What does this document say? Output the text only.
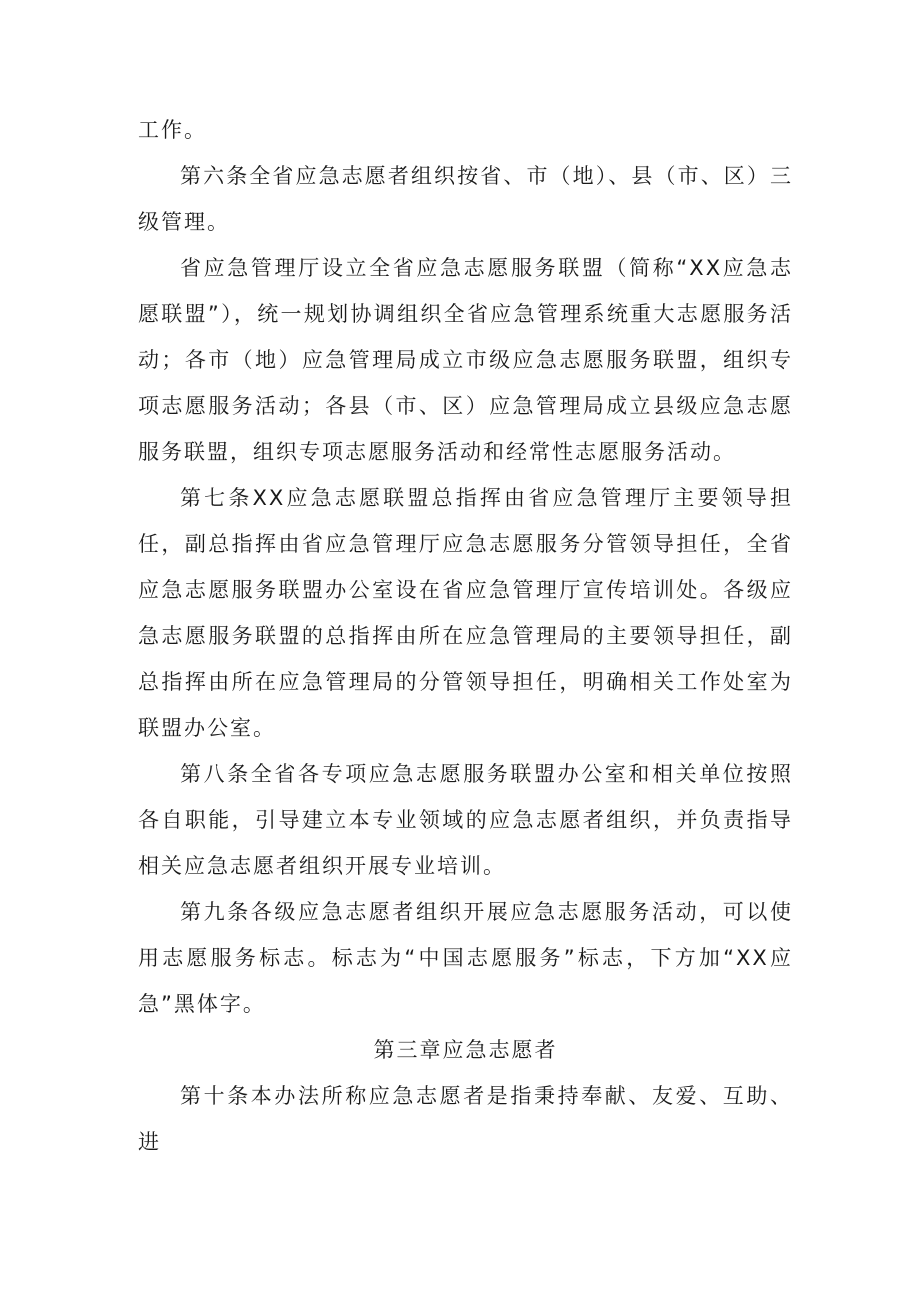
工作。

第六条全省应急志愿者组织按省、市（地）、县（市、区）三级管理。

省应急管理厅设立全省应急志愿服务联盟（简称“XX应急志愿联盟”），统一规划协调组织全省应急管理系统重大志愿服务活动；各市（地）应急管理局成立市级应急志愿服务联盟，组织专项志愿服务活动；各县（市、区）应急管理局成立县级应急志愿服务联盟，组织专项志愿服务活动和经常性志愿服务活动。

第七条XX应急志愿联盟总指挥由省应急管理厅主要领导担任，副总指挥由省应急管理厅应急志愿服务分管领导担任，全省应急志愿服务联盟办公室设在省应急管理厅宣传培训处。各级应急志愿服务联盟的总指挥由所在应急管理局的主要领导担任，副总指挥由所在应急管理局的分管领导担任，明确相关工作处室为联盟办公室。

第八条全省各专项应急志愿服务联盟办公室和相关单位按照各自职能，引导建立本专业领域的应急志愿者组织，并负责指导相关应急志愿者组织开展专业培训。

第九条各级应急志愿者组织开展应急志愿服务活动，可以使用志愿服务标志。标志为“中国志愿服务”标志，下方加“XX应急”黑体字。

第三章应急志愿者

第十条本办法所称应急志愿者是指秉持奉献、友爱、互助、进
